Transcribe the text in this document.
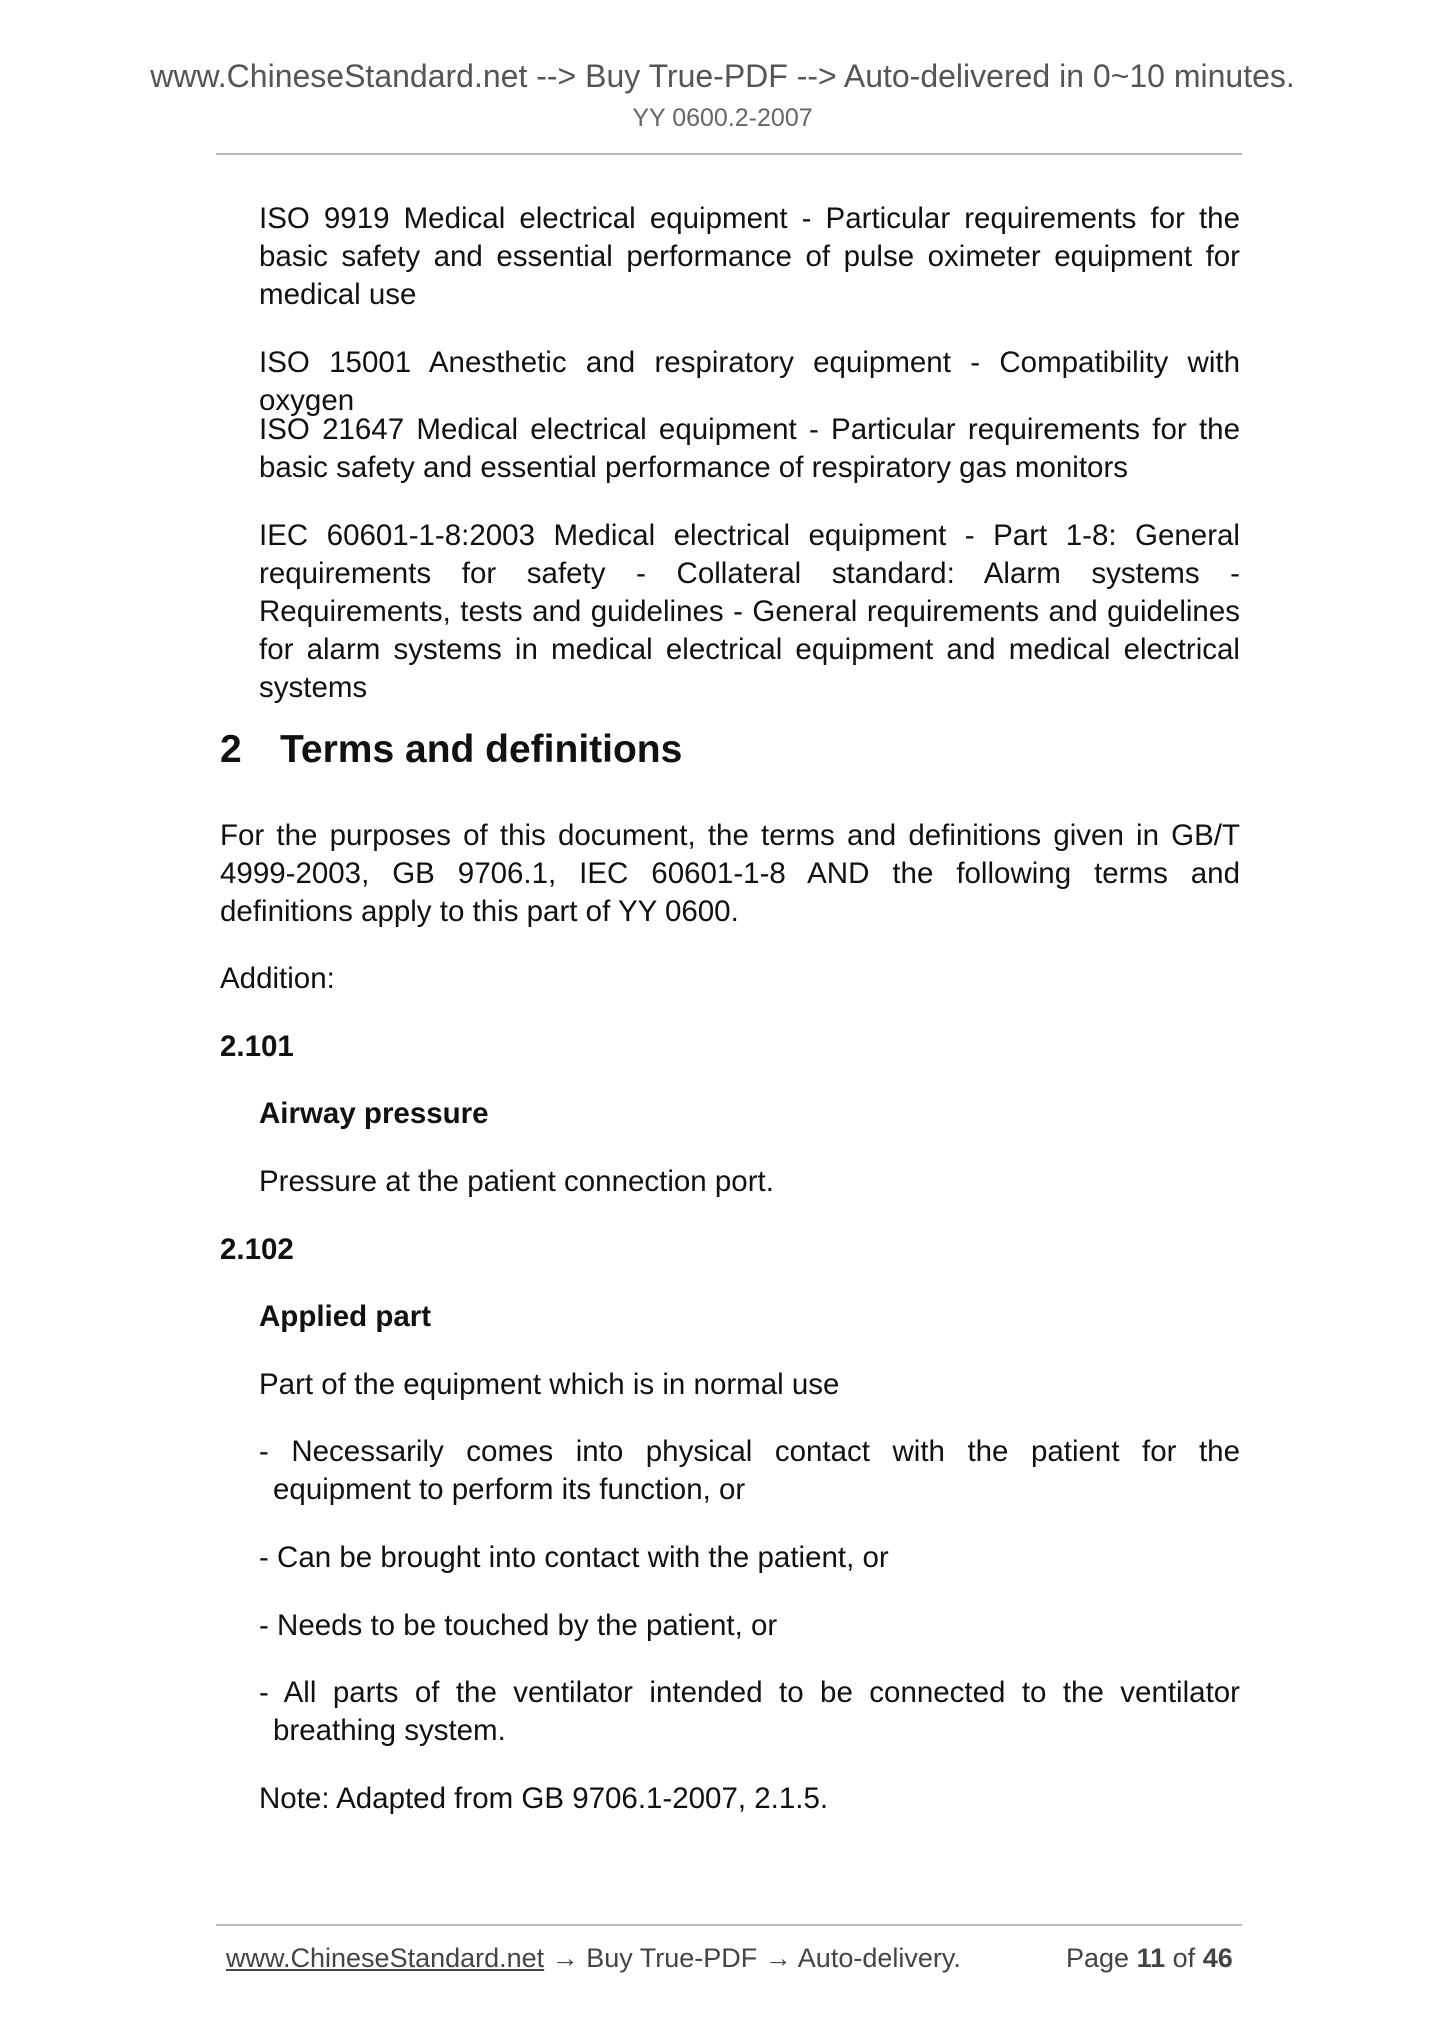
www.ChineseStandard.net --> Buy True-PDF --> Auto-delivered in 0~10 minutes.
YY 0600.2-2007
ISO 9919 Medical electrical equipment - Particular requirements for the basic safety and essential performance of pulse oximeter equipment for medical use
ISO 15001 Anesthetic and respiratory equipment - Compatibility with oxygen
ISO 21647 Medical electrical equipment - Particular requirements for the basic safety and essential performance of respiratory gas monitors
IEC 60601-1-8:2003 Medical electrical equipment - Part 1-8: General requirements for safety - Collateral standard: Alarm systems - Requirements, tests and guidelines - General requirements and guidelines for alarm systems in medical electrical equipment and medical electrical systems
2 Terms and definitions
For the purposes of this document, the terms and definitions given in GB/T 4999-2003, GB 9706.1, IEC 60601-1-8 AND the following terms and definitions apply to this part of YY 0600.
Addition:
2.101
Airway pressure
Pressure at the patient connection port.
2.102
Applied part
Part of the equipment which is in normal use
- Necessarily comes into physical contact with the patient for the equipment to perform its function, or
- Can be brought into contact with the patient, or
- Needs to be touched by the patient, or
- All parts of the ventilator intended to be connected to the ventilator breathing system.
Note: Adapted from GB 9706.1-2007, 2.1.5.
www.ChineseStandard.net → Buy True-PDF → Auto-delivery.	Page 11 of 46
